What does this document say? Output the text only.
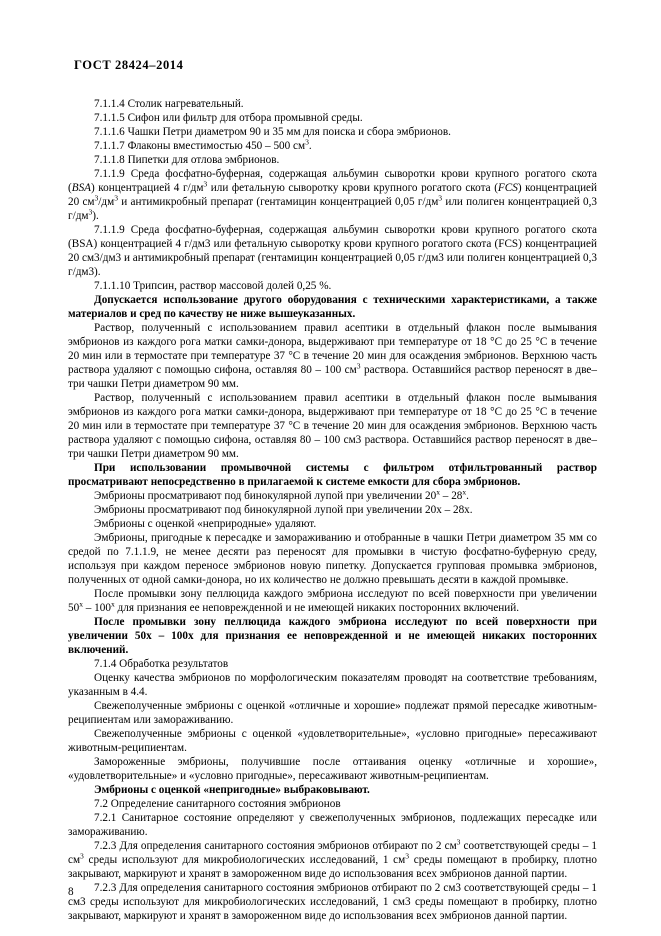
ГОСТ 28424–2014

7.1.1.4 Столик нагревательный.

7.1.1.5 Сифон или фильтр для отбора промывной среды.

7.1.1.6 Чашки Петри диаметром 90 и 35 мм для поиска и сбора эмбрионов.

7.1.1.7 Флаконы вместимостью 450 – 500 $см^3$.

7.1.1.8 Пипетки для отлова эмбрионов.

7.1.1.9 Среда фосфатно-буферная, содержащая альбумин сыворотки крови крупного рогатого скота (BSA) концентрацией 4 $г/дм^3$ или фетальную сыворотку крови крупного рогатого скота (FCS) концентрацией 20 $см^3/дм^3$ и антимикробный препарат (гентамицин концентрацией 0,05 $г/дм^3$ или полиген концентрацией 0,3 $г/дм^3$).

7.1.1.9 Среда фосфатно-буферная, содержащая альбумин сыворотки крови крупного рогатого скота (BSA) концентрацией 4 г/дм3 или фетальную сыворотку крови крупного рогатого скота (FCS) концентрацией 20 см3/дм3 и антимикробный препарат (гентамицин концентрацией 0,05 г/дм3 или полиген концентрацией 0,3 г/дм3).

7.1.1.10 Трипсин, раствор массовой долей 0,25 %.

Допускается использование другого оборудования с техническими характеристиками, а также материалов и сред по качеству не ниже вышеуказанных.

Раствор, полученный с использованием правил асептики в отдельный флакон после вымывания эмбрионов из каждого рога матки самки-донора, выдерживают при температуре от 18 °С до 25 °С в течение 20 мин или в термостате при температуре 37 °С в течение 20 мин для осаждения эмбрионов. Верхнюю часть раствора удаляют с помощью сифона, оставляя 80 – 100 $см^3$ раствора. Оставшийся раствор переносят в две–три чашки Петри диаметром 90 мм.

Раствор, полученный с использованием правил асептики в отдельный флакон после вымывания эмбрионов из каждого рога матки самки-донора, выдерживают при температуре от 18 °С до 25 °С в течение 20 мин или в термостате при температуре 37 °С в течение 20 мин для осаждения эмбрионов. Верхнюю часть раствора удаляют с помощью сифона, оставляя 80 – 100 см3 раствора. Оставшийся раствор переносят в две–три чашки Петри диаметром 90 мм.

При использовании промывочной системы с фильтром отфильтрованный раствор просматривают непосредственно в прилагаемой к системе емкости для сбора эмбрионов.

Эмбрионы просматривают под бинокулярной лупой при увеличении $20^х - 28^х$.

Эмбрионы просматривают под бинокулярной лупой при увеличении 20х – 28х.

Эмбрионы с оценкой «неприродные» удаляют.

Эмбрионы, пригодные к пересадке и замораживанию и отобранные в чашки Петри диаметром 35 мм со средой по 7.1.1.9, не менее десяти раз переносят для промывки в чистую фосфатно-буферную среду, используя при каждом переносе эмбрионов новую пипетку. Допускается групповая промывка эмбрионов, полученных от одной самки-донора, но их количество не должно превышать десяти в каждой промывке.

После промывки зону пеллюцида каждого эмбриона исследуют по всей поверхности при увеличении $50^х - 100^х$ для признания ее неповрежденной и не имеющей никаких посторонних включений.

После промывки зону пеллюцида каждого эмбриона исследуют по всей поверхности при увеличении 50х – 100х для признания ее неповрежденной и не имеющей никаких посторонних включений.

7.1.4 Обработка результатов

Оценку качества эмбрионов по морфологическим показателям проводят на соответствие требованиям, указанным в 4.4.

Свежеполученные эмбрионы с оценкой «отличные и хорошие» подлежат прямой пересадке животным-реципиентам или замораживанию.

Свежеполученные эмбрионы с оценкой «удовлетворительные», «условно пригодные» пересаживают животным-реципиентам.

Замороженные эмбрионы, получившие после оттаивания оценку «отличные и хорошие», «удовлетворительные» и «условно пригодные», пересаживают животным-реципиентам.

Эмбрионы с оценкой «непригодные» выбраковывают.

7.2 Определение санитарного состояния эмбрионов

7.2.1 Санитарное состояние определяют у свежеполученных эмбрионов, подлежащих пересадке или замораживанию.

7.2.3 Для определения санитарного состояния эмбрионов отбирают по 2 $см^3$ соответствующей среды – 1 $см^3$ среды используют для микробиологических исследований, 1 $см^3$ среды помещают в пробирку, плотно закрывают, маркируют и хранят в замороженном виде до использования всех эмбрионов данной партии.

7.2.3 Для определения санитарного состояния эмбрионов отбирают по 2 см3 соответствующей среды – 1 см3 среды используют для микробиологических исследований, 1 см3 среды помещают в пробирку, плотно закрывают, маркируют и хранят в замороженном виде до использования всех эмбрионов данной партии.

8
